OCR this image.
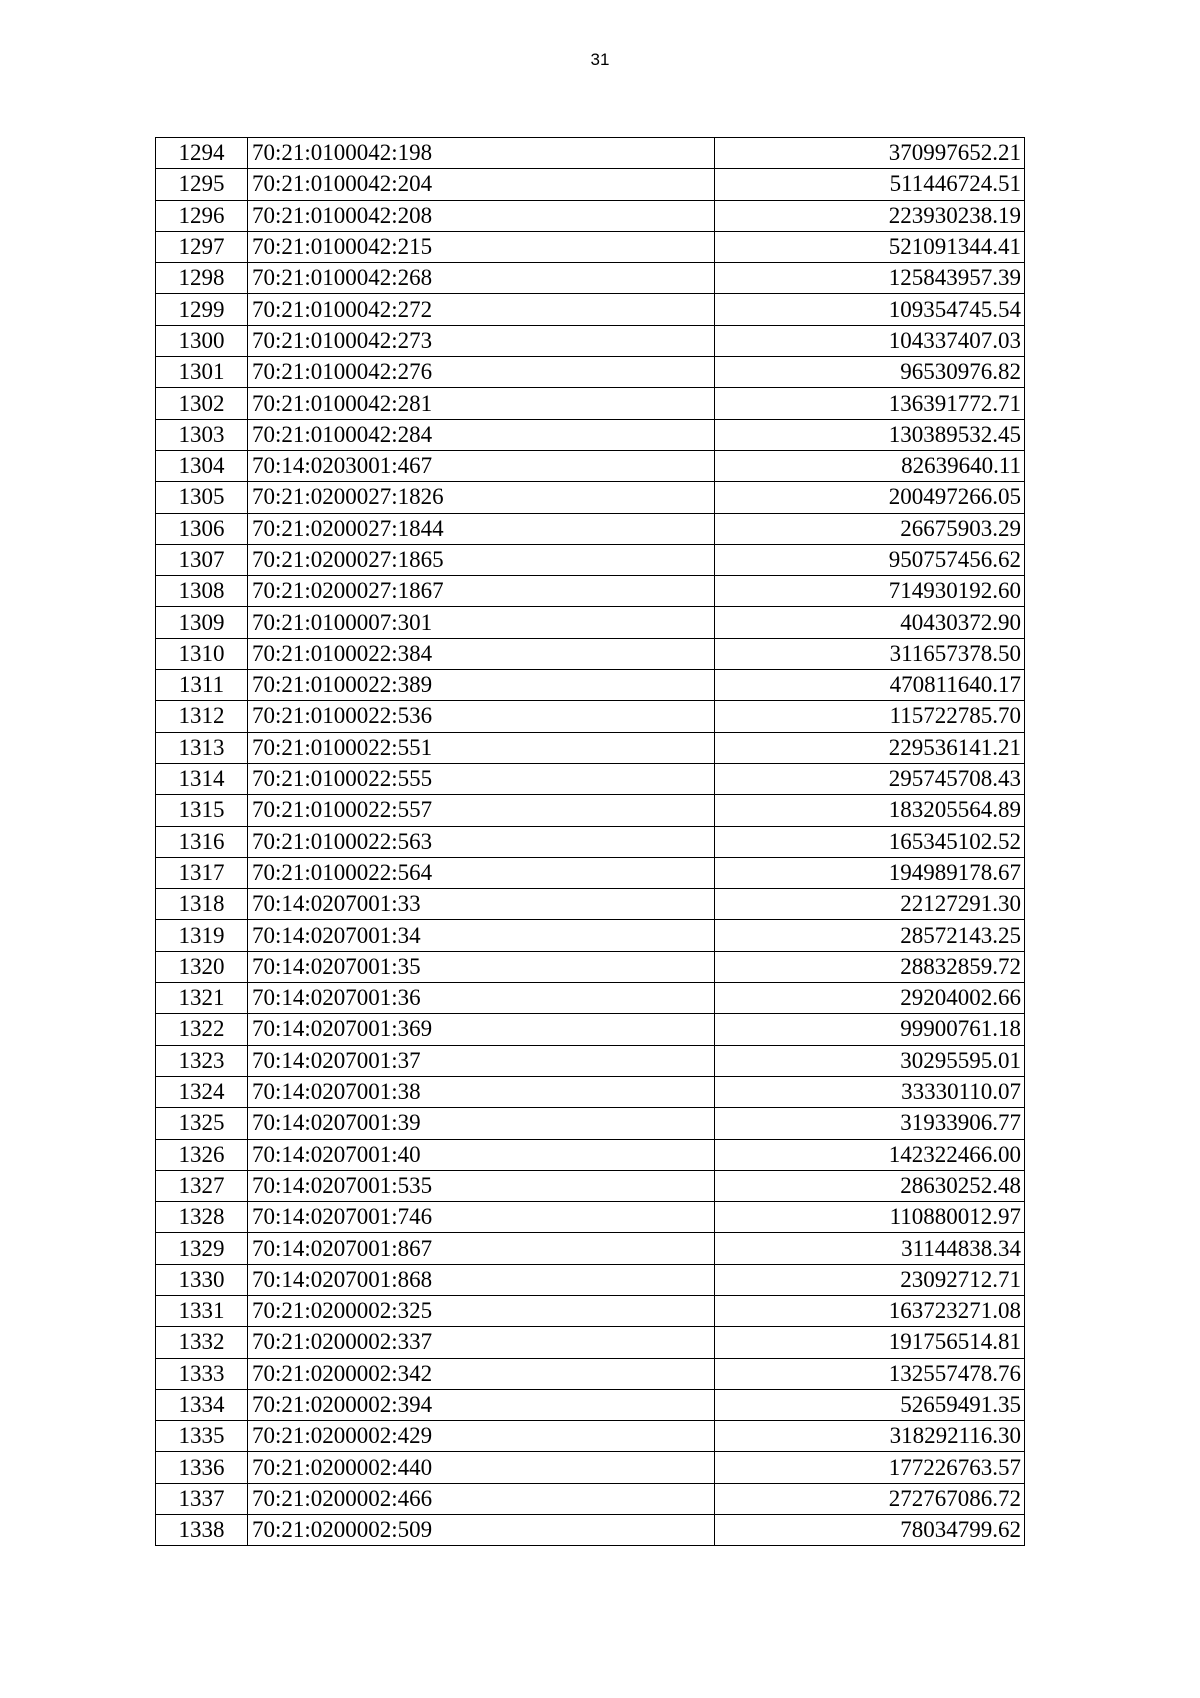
31
1294	70:21:0100042:198	370997652.21
1295	70:21:0100042:204	511446724.51
1296	70:21:0100042:208	223930238.19
1297	70:21:0100042:215	521091344.41
1298	70:21:0100042:268	125843957.39
1299	70:21:0100042:272	109354745.54
1300	70:21:0100042:273	104337407.03
1301	70:21:0100042:276	96530976.82
1302	70:21:0100042:281	136391772.71
1303	70:21:0100042:284	130389532.45
1304	70:14:0203001:467	82639640.11
1305	70:21:0200027:1826	200497266.05
1306	70:21:0200027:1844	26675903.29
1307	70:21:0200027:1865	950757456.62
1308	70:21:0200027:1867	714930192.60
1309	70:21:0100007:301	40430372.90
1310	70:21:0100022:384	311657378.50
1311	70:21:0100022:389	470811640.17
1312	70:21:0100022:536	115722785.70
1313	70:21:0100022:551	229536141.21
1314	70:21:0100022:555	295745708.43
1315	70:21:0100022:557	183205564.89
1316	70:21:0100022:563	165345102.52
1317	70:21:0100022:564	194989178.67
1318	70:14:0207001:33	22127291.30
1319	70:14:0207001:34	28572143.25
1320	70:14:0207001:35	28832859.72
1321	70:14:0207001:36	29204002.66
1322	70:14:0207001:369	99900761.18
1323	70:14:0207001:37	30295595.01
1324	70:14:0207001:38	33330110.07
1325	70:14:0207001:39	31933906.77
1326	70:14:0207001:40	142322466.00
1327	70:14:0207001:535	28630252.48
1328	70:14:0207001:746	110880012.97
1329	70:14:0207001:867	31144838.34
1330	70:14:0207001:868	23092712.71
1331	70:21:0200002:325	163723271.08
1332	70:21:0200002:337	191756514.81
1333	70:21:0200002:342	132557478.76
1334	70:21:0200002:394	52659491.35
1335	70:21:0200002:429	318292116.30
1336	70:21:0200002:440	177226763.57
1337	70:21:0200002:466	272767086.72
1338	70:21:0200002:509	78034799.62
